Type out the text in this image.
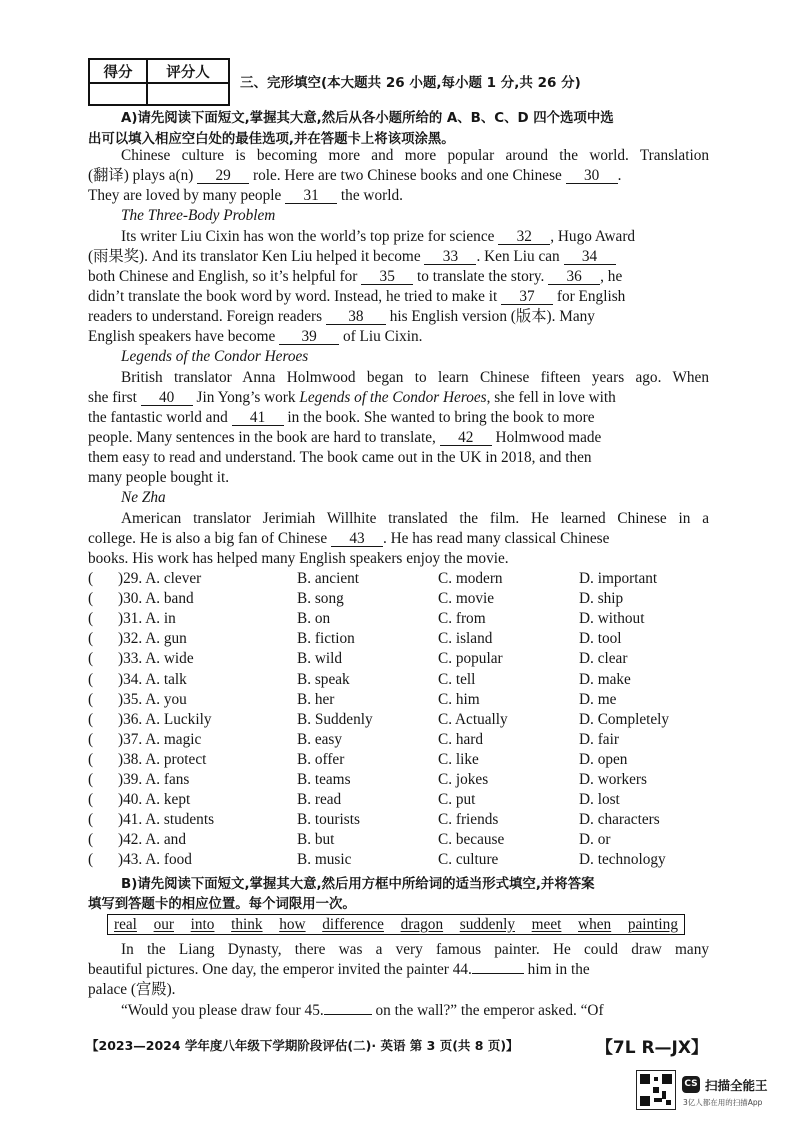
得分	评分人

三、完形填空(本大题共 26 小题,每小题 1 分,共 26 分)
A)请先阅读下面短文,掌握其大意,然后从各小题所给的 A、B、C、D 四个选项中选
出可以填入相应空白处的最佳选项,并在答题卡上将该项涂黑。
Chinese culture is becoming more and more popular around the world. Translation
(翻译) plays a(n) 29 role. Here are two Chinese books and one Chinese 30 .
They are loved by many people 31 the world.
The Three-Body Problem
Its writer Liu Cixin has won the world’s top prize for science 32 , Hugo Award
(雨果奖). And its translator Ken Liu helped it become 33 . Ken Liu can 34
both Chinese and English, so it’s helpful for 35 to translate the story. 36 , he
didn’t translate the book word by word. Instead, he tried to make it 37 for English
readers to understand. Foreign readers 38 his English version (版本). Many
English speakers have become 39 of Liu Cixin.
Legends of the Condor Heroes
British translator Anna Holmwood began to learn Chinese fifteen years ago. When
she first 40 Jin Yong’s work Legends of the Condor Heroes, she fell in love with
the fantastic world and 41 in the book. She wanted to bring the book to more
people. Many sentences in the book are hard to translate, 42 Holmwood made
them easy to read and understand. The book came out in the UK in 2018, and then
many people bought it.
Ne Zha
American translator Jerimiah Willhite translated the film. He learned Chinese in a
college. He is also a big fan of Chinese 43 . He has read many classical Chinese
books. His work has helped many English speakers enjoy the movie.
( )29. A. clever	B. ancient	C. modern	D. important
( )30. A. band	B. song	C. movie	D. ship
( )31. A. in	B. on	C. from	D. without
( )32. A. gun	B. fiction	C. island	D. tool
( )33. A. wide	B. wild	C. popular	D. clear
( )34. A. talk	B. speak	C. tell	D. make
( )35. A. you	B. her	C. him	D. me
( )36. A. Luckily	B. Suddenly	C. Actually	D. Completely
( )37. A. magic	B. easy	C. hard	D. fair
( )38. A. protect	B. offer	C. like	D. open
( )39. A. fans	B. teams	C. jokes	D. workers
( )40. A. kept	B. read	C. put	D. lost
( )41. A. students	B. tourists	C. friends	D. characters
( )42. A. and	B. but	C. because	D. or
( )43. A. food	B. music	C. culture	D. technology
B)请先阅读下面短文,掌握其大意,然后用方框中所给词的适当形式填空,并将答案
填写到答题卡的相应位置。每个词限用一次。
real our into think how difference dragon suddenly meet when painting
In the Liang Dynasty, there was a very famous painter. He could draw many
beautiful pictures. One day, the emperor invited the painter 44.	him in the
palace (宫殿).
“Would you please draw four 45.	on the wall?” the emperor asked. “Of
【2023—2024 学年度八年级下学期阶段评估(二)· 英语 第 3 页(共 8 页)】	【7L R—JX】
CS 扫描全能王
3亿人都在用的扫描App
